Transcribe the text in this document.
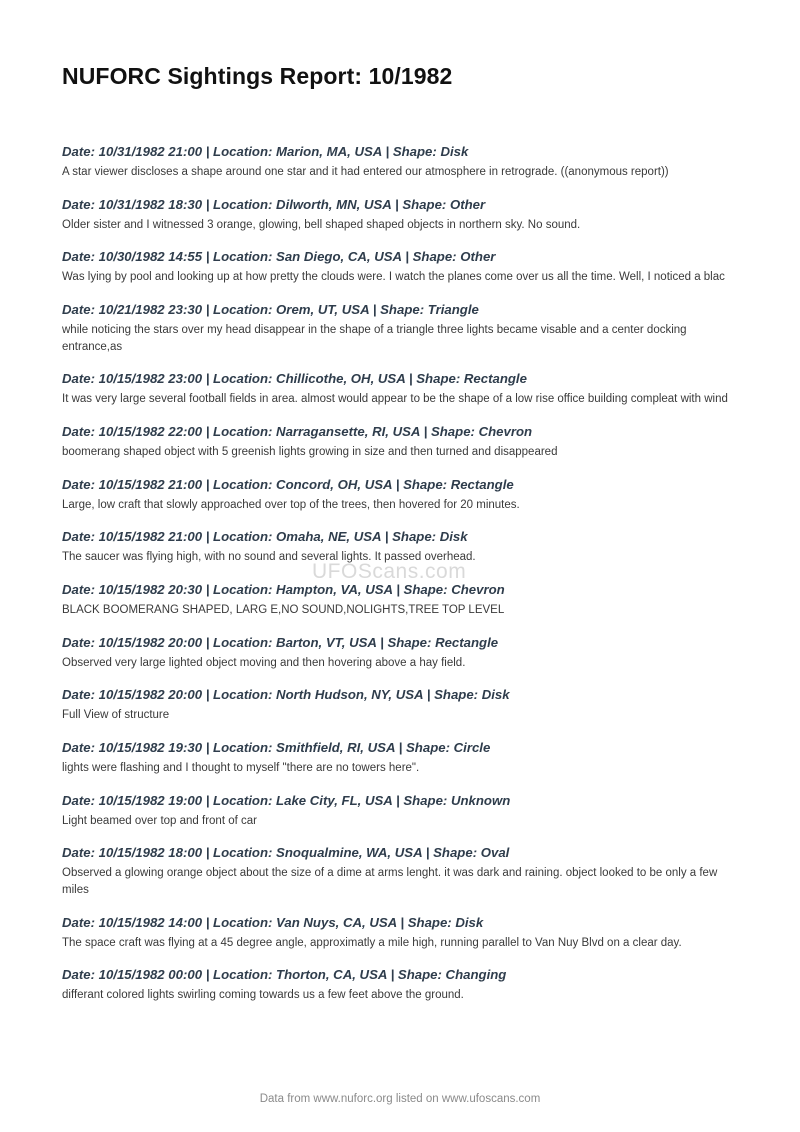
NUFORC Sightings Report: 10/1982
Date: 10/31/1982 21:00 | Location: Marion, MA, USA | Shape: Disk

A star viewer discloses a shape around one star and it had entered our atmosphere in retrograde. ((anonymous report))

Date: 10/31/1982 18:30 | Location: Dilworth, MN, USA | Shape: Other

Older sister and I witnessed 3 orange, glowing, bell shaped shaped objects in northern sky. No sound.

Date: 10/30/1982 14:55 | Location: San Diego, CA, USA | Shape: Other

Was lying by pool and looking up at how pretty the clouds were. I watch the planes come over us all the time. Well, I noticed a blac

Date: 10/21/1982 23:30 | Location: Orem, UT, USA | Shape: Triangle

while noticing the stars over my head disappear in the shape of a triangle three lights became visable and a center docking entrance,as

Date: 10/15/1982 23:00 | Location: Chillicothe, OH, USA | Shape: Rectangle

It was very large several football fields in area. almost would appear to be the shape of a low rise office building compleat with wind

Date: 10/15/1982 22:00 | Location: Narragansette, RI, USA | Shape: Chevron

boomerang shaped object with 5 greenish lights growing in size and then turned and disappeared

Date: 10/15/1982 21:00 | Location: Concord, OH, USA | Shape: Rectangle

Large, low craft that slowly approached over top of the trees, then hovered for 20 minutes.

Date: 10/15/1982 21:00 | Location: Omaha, NE, USA | Shape: Disk

The saucer was flying high, with no sound and several lights. It passed overhead.

Date: 10/15/1982 20:30 | Location: Hampton, VA, USA | Shape: Chevron

BLACK BOOMERANG SHAPED, LARG E,NO SOUND,NOLIGHTS,TREE TOP LEVEL

Date: 10/15/1982 20:00 | Location: Barton, VT, USA | Shape: Rectangle

Observed very large lighted object moving and then hovering above a hay field.

Date: 10/15/1982 20:00 | Location: North Hudson, NY, USA | Shape: Disk

Full View of structure

Date: 10/15/1982 19:30 | Location: Smithfield, RI, USA | Shape: Circle

lights were flashing and I thought to myself "there are no towers here".

Date: 10/15/1982 19:00 | Location: Lake City, FL, USA | Shape: Unknown

Light beamed over top and front of car

Date: 10/15/1982 18:00 | Location: Snoqualmine, WA, USA | Shape: Oval

Observed a glowing orange object about the size of a dime at arms lenght. it was dark and raining. object looked to be only a few miles

Date: 10/15/1982 14:00 | Location: Van Nuys, CA, USA | Shape: Disk

The space craft was flying at a 45 degree angle, approximatly a mile high, running parallel to Van Nuy Blvd on a clear day.

Date: 10/15/1982 00:00 | Location: Thorton, CA, USA | Shape: Changing

differant colored lights swirling coming towards us a few feet above the ground.

UFOScans.com
Data from www.nuforc.org listed on www.ufoscans.com
